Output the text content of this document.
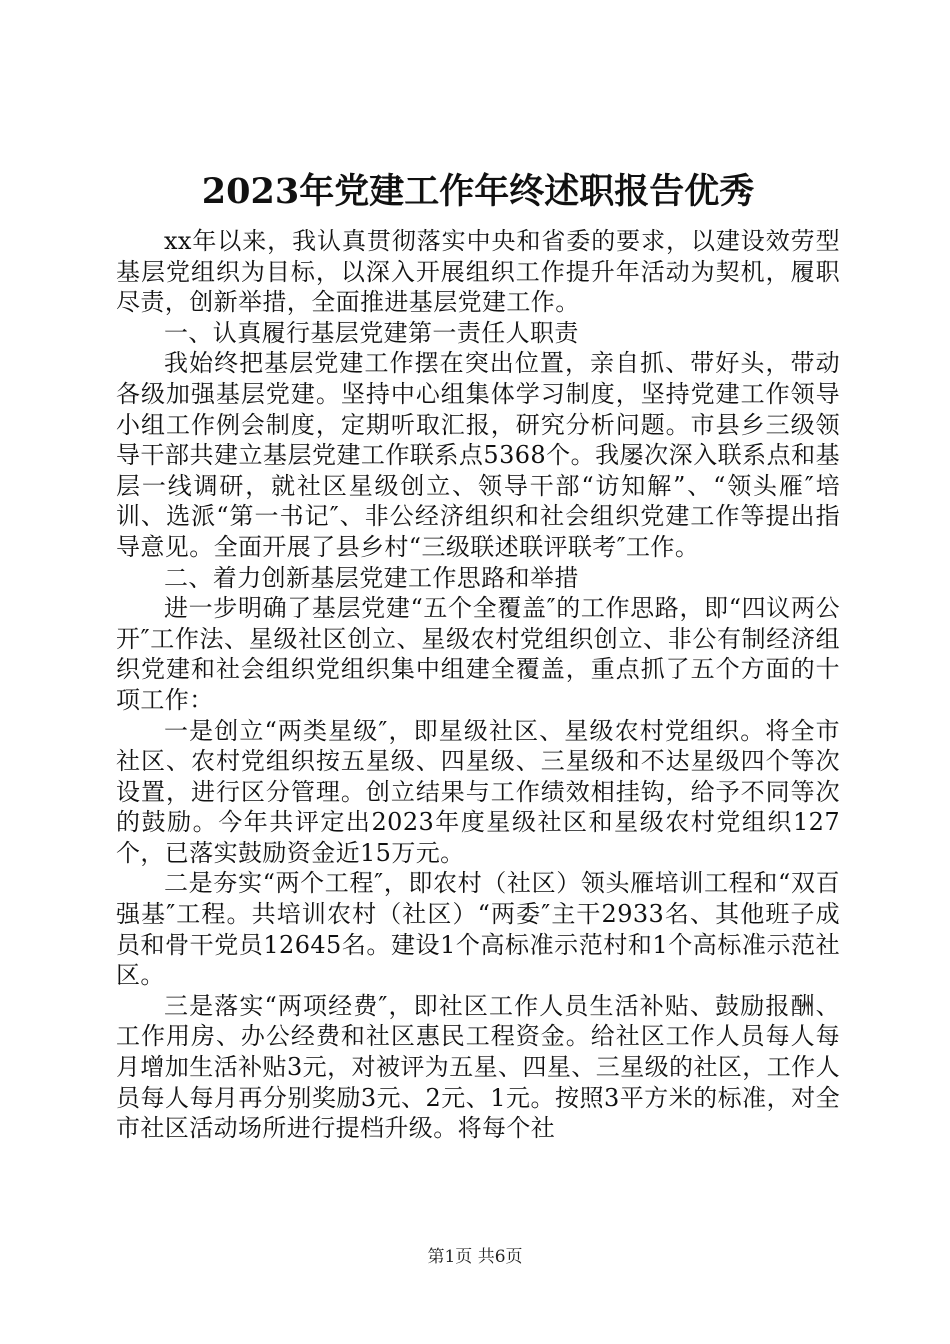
2023年党建工作年终述职报告优秀

xx年以来，我认真贯彻落实中央和省委的要求，以建设效劳型基层党组织为目标，以深入开展组织工作提升年活动为契机，履职尽责，创新举措，全面推进基层党建工作。

一、认真履行基层党建第一责任人职责

我始终把基层党建工作摆在突出位置，亲自抓、带好头，带动各级加强基层党建。坚持中心组集体学习制度，坚持党建工作领导小组工作例会制度，定期听取汇报，研究分析问题。市县乡三级领导干部共建立基层党建工作联系点5368个。我屡次深入联系点和基层一线调研，就社区星级创立、领导干部“访知解”、“领头雁″培训、选派“第一书记″、非公经济组织和社会组织党建工作等提出指导意见。全面开展了县乡村“三级联述联评联考″工作。

二、着力创新基层党建工作思路和举措

进一步明确了基层党建“五个全覆盖″的工作思路，即“四议两公开″工作法、星级社区创立、星级农村党组织创立、非公有制经济组织党建和社会组织党组织集中组建全覆盖，重点抓了五个方面的十项工作：

一是创立“两类星级″，即星级社区、星级农村党组织。将全市社区、农村党组织按五星级、四星级、三星级和不达星级四个等次设置，进行区分管理。创立结果与工作绩效相挂钩，给予不同等次的鼓励。今年共评定出2023年度星级社区和星级农村党组织127个，已落实鼓励资金近15万元。

二是夯实“两个工程″，即农村（社区）领头雁培训工程和“双百强基″工程。共培训农村（社区）“两委″主干2933名、其他班子成员和骨干党员12645名。建设1个高标准示范村和1个高标准示范社区。

三是落实“两项经费″，即社区工作人员生活补贴、鼓励报酬、工作用房、办公经费和社区惠民工程资金。给社区工作人员每人每月增加生活补贴3元，对被评为五星、四星、三星级的社区，工作人员每人每月再分别奖励3元、2元、1元。按照3平方米的标准，对全市社区活动场所进行提档升级。将每个社

第1页 共6页
